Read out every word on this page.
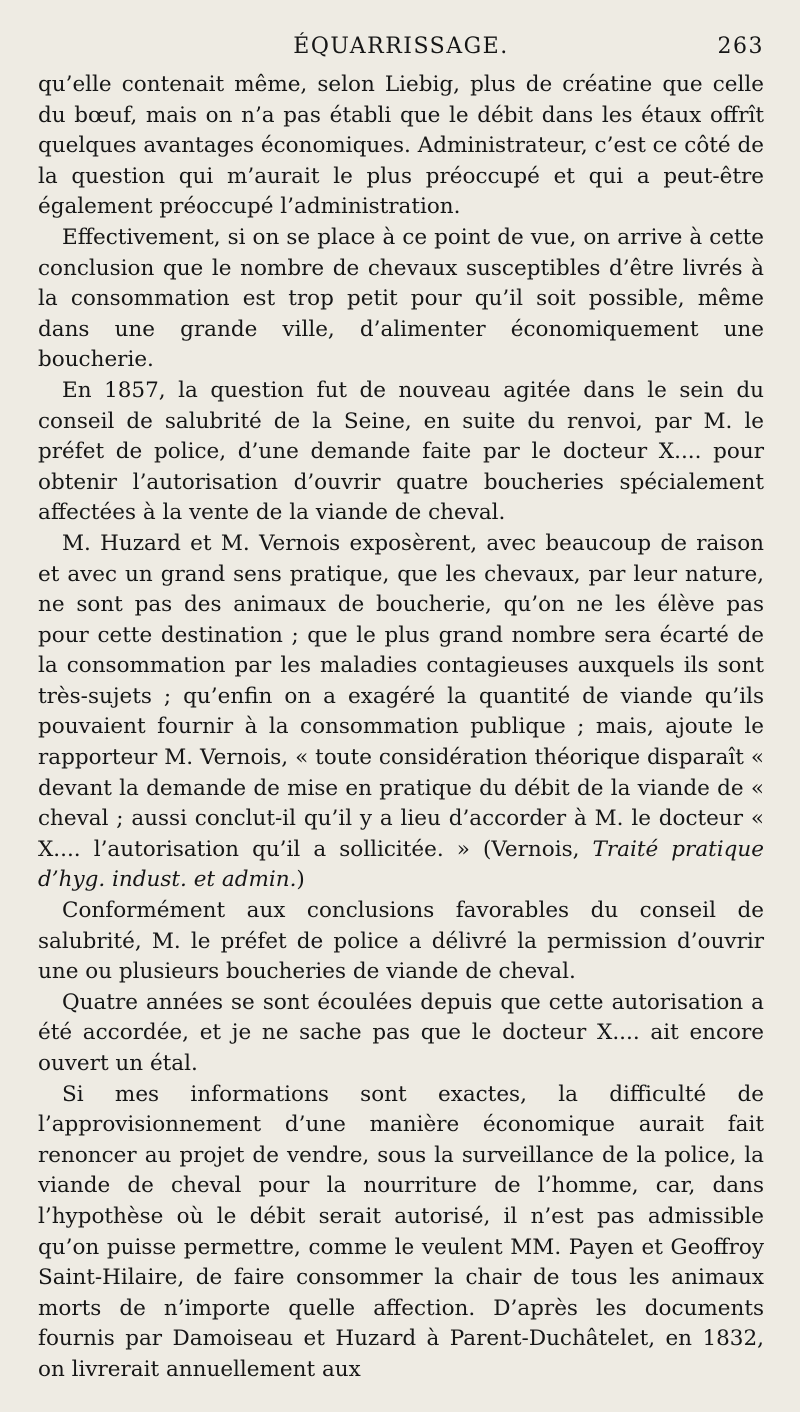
ÉQUARRISSAGE.	263

qu’elle contenait même, selon Liebig, plus de créatine que celle du bœuf, mais on n’a pas établi que le débit dans les étaux offrît quelques avantages économiques. Administrateur, c’est ce côté de la question qui m’aurait le plus préoccupé et qui a peut-être également préoccupé l’administration.

Effectivement, si on se place à ce point de vue, on arrive à cette conclusion que le nombre de chevaux susceptibles d’être livrés à la consommation est trop petit pour qu’il soit possible, même dans une grande ville, d’alimenter économiquement une boucherie.

En 1857, la question fut de nouveau agitée dans le sein du conseil de salubrité de la Seine, en suite du renvoi, par M. le préfet de police, d’une demande faite par le docteur X.... pour obtenir l’autorisation d’ouvrir quatre boucheries spécialement affectées à la vente de la viande de cheval.

M. Huzard et M. Vernois exposèrent, avec beaucoup de raison et avec un grand sens pratique, que les chevaux, par leur nature, ne sont pas des animaux de boucherie, qu’on ne les élève pas pour cette destination ; que le plus grand nombre sera écarté de la consommation par les maladies contagieuses auxquels ils sont très-sujets ; qu’enfin on a exagéré la quantité de viande qu’ils pouvaient fournir à la consommation publique ; mais, ajoute le rapporteur M. Vernois, « toute considération théorique disparaît « devant la demande de mise en pratique du débit de la viande de « cheval ; aussi conclut-il qu’il y a lieu d’accorder à M. le docteur « X.... l’autorisation qu’il a sollicitée. » (Vernois, Traité pratique d’hyg. indust. et admin.)

Conformément aux conclusions favorables du conseil de salubrité, M. le préfet de police a délivré la permission d’ouvrir une ou plusieurs boucheries de viande de cheval.

Quatre années se sont écoulées depuis que cette autorisation a été accordée, et je ne sache pas que le docteur X.... ait encore ouvert un étal.

Si mes informations sont exactes, la difficulté de l’approvisionnement d’une manière économique aurait fait renoncer au projet de vendre, sous la surveillance de la police, la viande de cheval pour la nourriture de l’homme, car, dans l’hypothèse où le débit serait autorisé, il n’est pas admissible qu’on puisse permettre, comme le veulent MM. Payen et Geoffroy Saint-Hilaire, de faire consommer la chair de tous les animaux morts de n’importe quelle affection. D’après les documents fournis par Damoiseau et Huzard à Parent-Duchâtelet, en 1832, on livrerait annuellement aux
